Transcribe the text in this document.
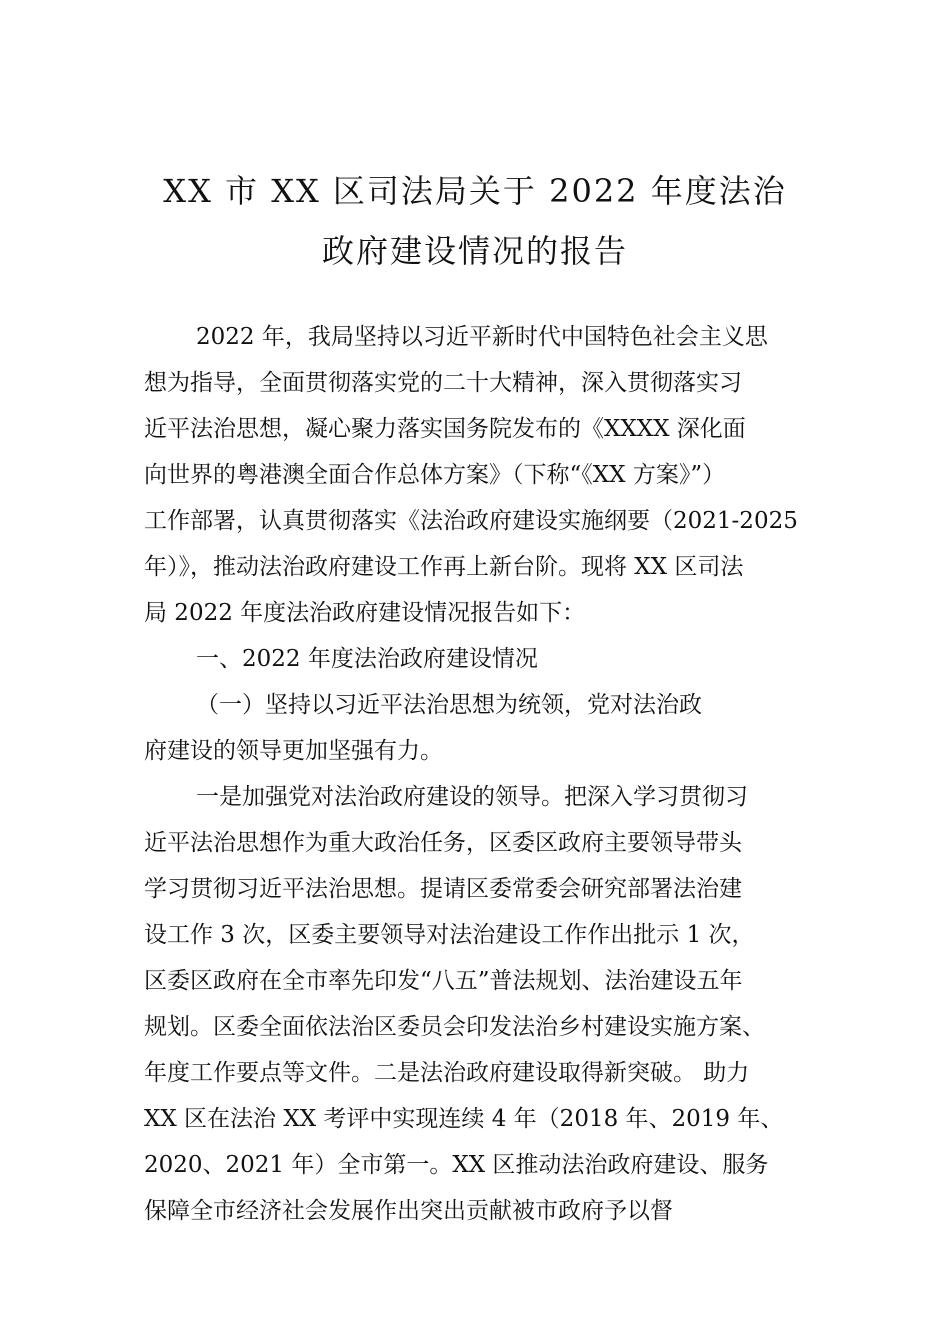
XX 市 XX 区司法局关于 2022 年度法治
政府建设情况的报告
2022 年，我局坚持以习近平新时代中国特色社会主义思
想为指导，全面贯彻落实党的二十大精神，深入贯彻落实习
近平法治思想，凝心聚力落实国务院发布的《XXXX 深化面
向世界的粤港澳全面合作总体方案》（下称“《XX 方案》”）
工作部署，认真贯彻落实《法治政府建设实施纲要（2021-2025
年）》，推动法治政府建设工作再上新台阶。现将 XX 区司法
局 2022 年度法治政府建设情况报告如下：
一、2022 年度法治政府建设情况
（一）坚持以习近平法治思想为统领，党对法治政
府建设的领导更加坚强有力。
一是加强党对法治政府建设的领导。把深入学习贯彻习
近平法治思想作为重大政治任务，区委区政府主要领导带头
学习贯彻习近平法治思想。提请区委常委会研究部署法治建
设工作 3 次，区委主要领导对法治建设工作作出批示 1 次，
区委区政府在全市率先印发“八五”普法规划、法治建设五年
规划。区委全面依法治区委员会印发法治乡村建设实施方案、
年度工作要点等文件。二是法治政府建设取得新突破。 助力
XX 区在法治 XX 考评中实现连续 4 年（2018 年、2019 年、
2020、2021 年）全市第一。XX 区推动法治政府建设、服务
保障全市经济社会发展作出突出贡献被市政府予以督
